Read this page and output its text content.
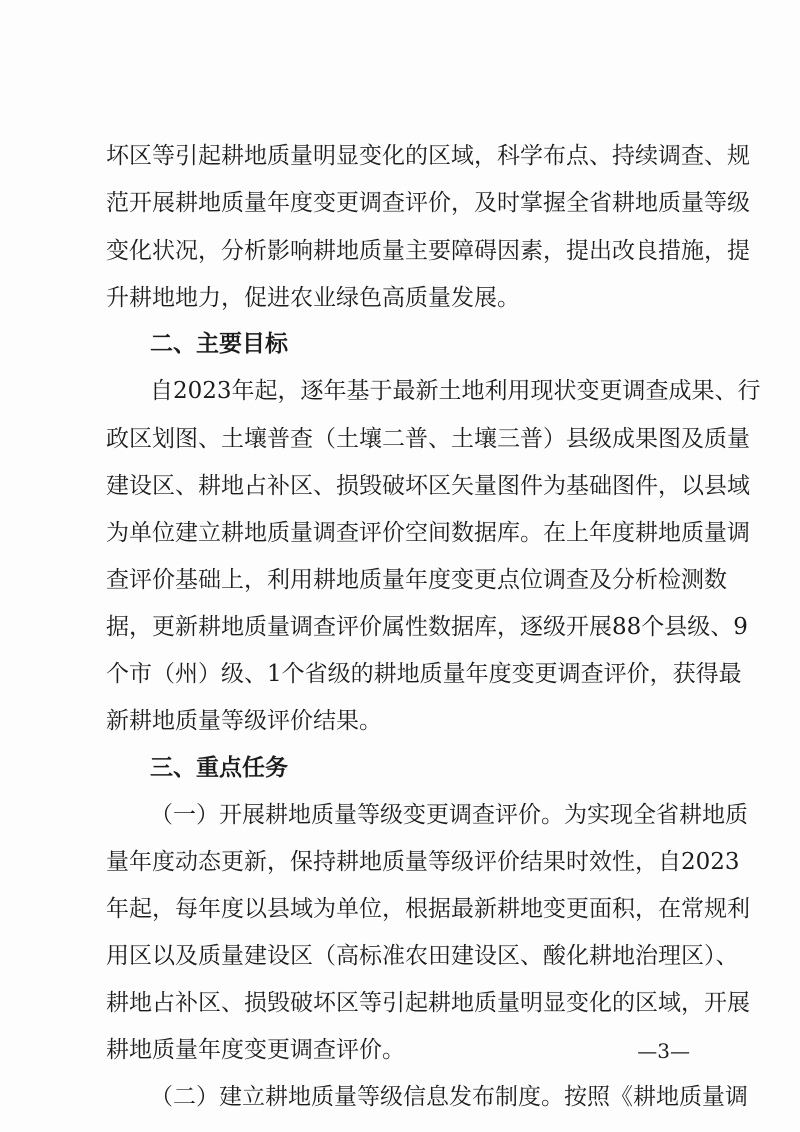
坏区等引起耕地质量明显变化的区域，科学布点、持续调查、规
范开展耕地质量年度变更调查评价，及时掌握全省耕地质量等级
变化状况，分析影响耕地质量主要障碍因素，提出改良措施，提
升耕地地力，促进农业绿色高质量发展。
二、主要目标
自2023年起，逐年基于最新土地利用现状变更调查成果、行
政区划图、土壤普查（土壤二普、土壤三普）县级成果图及质量
建设区、耕地占补区、损毁破坏区矢量图件为基础图件，以县域
为单位建立耕地质量调查评价空间数据库。在上年度耕地质量调
查评价基础上，利用耕地质量年度变更点位调查及分析检测数
据，更新耕地质量调查评价属性数据库，逐级开展88个县级、9
个市（州）级、1个省级的耕地质量年度变更调查评价，获得最
新耕地质量等级评价结果。
三、重点任务
（一）开展耕地质量等级变更调查评价。为实现全省耕地质
量年度动态更新，保持耕地质量等级评价结果时效性，自2023
年起，每年度以县域为单位，根据最新耕地变更面积，在常规利
用区以及质量建设区（高标准农田建设区、酸化耕地治理区）、
耕地占补区、损毁破坏区等引起耕地质量明显变化的区域，开展
耕地质量年度变更调查评价。
（二）建立耕地质量等级信息发布制度。按照《耕地质量调
—3—
